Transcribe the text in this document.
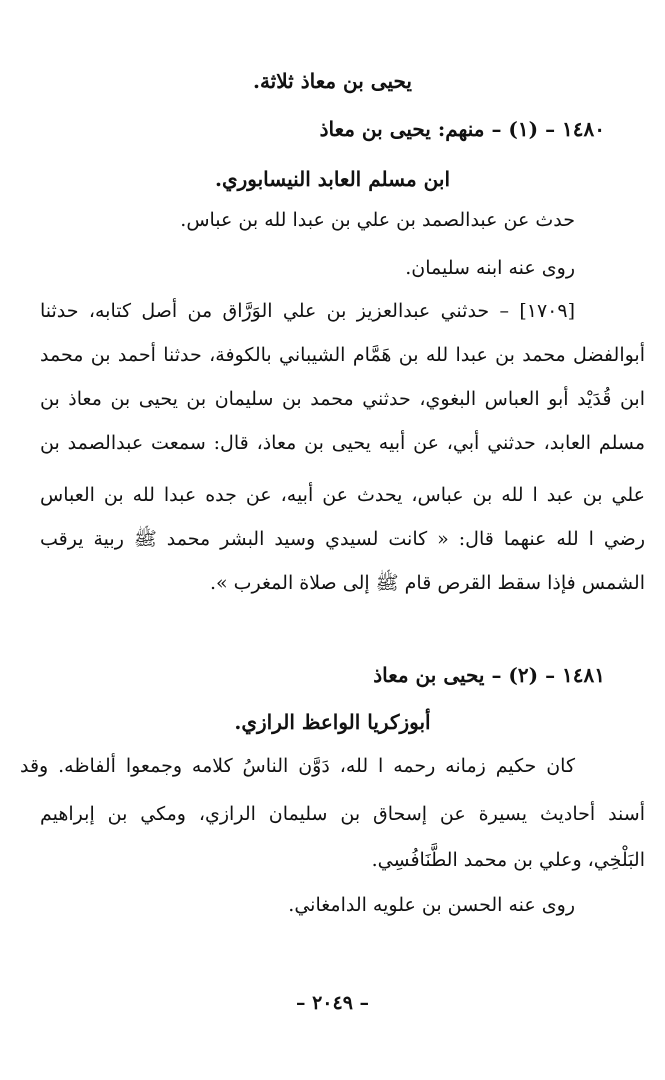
يحيى بن معاذ ثلاثة.
١٤٨٠ – (١) – منهم: يحيى بن معاذ
ابن مسلم العابد النيسابوري.
حدث عن عبدالصمد بن علي بن عبدا لله بن عباس.
روى عنه ابنه سليمان.
[١٧٠٩] – حدثني عبدالعزيز بن علي الوَرَّاق من أصل كتابه، حدثنا
أبوالفضل محمد بن عبدا لله بن هَمَّام الشيباني بالكوفة، حدثنا أحمد بن محمد
ابن قُدَيْد أبو العباس البغوي، حدثني محمد بن سليمان بن يحيى بن معاذ بن
مسلم العابد، حدثني أبي، عن أبيه يحيى بن معاذ، قال: سمعت عبدالصمد بن
علي بن عبد ا لله بن عباس، يحدث عن أبيه، عن جده عبدا لله بن العباس
رضي ا لله عنهما قال: « كانت لسيدي وسيد البشر محمد ﷺ ربية يرقب
الشمس فإذا سقط القرص قام ﷺ إلى صلاة المغرب ».
١٤٨١ – (٢) – يحيى بن معاذ
أبوزكريا الواعظ الرازي.
كان حكيم زمانه رحمه ا لله، دَوَّن الناسُ كلامه وجمعوا ألفاظه. وقد
أسند أحاديث يسيرة عن إسحاق بن سليمان الرازي، ومكي بن إبراهيم
البَلْخِي، وعلي بن محمد الطَّنَافُسِي.
روى عنه الحسن بن علويه الدامغاني.
– ٢٠٤٩ –
